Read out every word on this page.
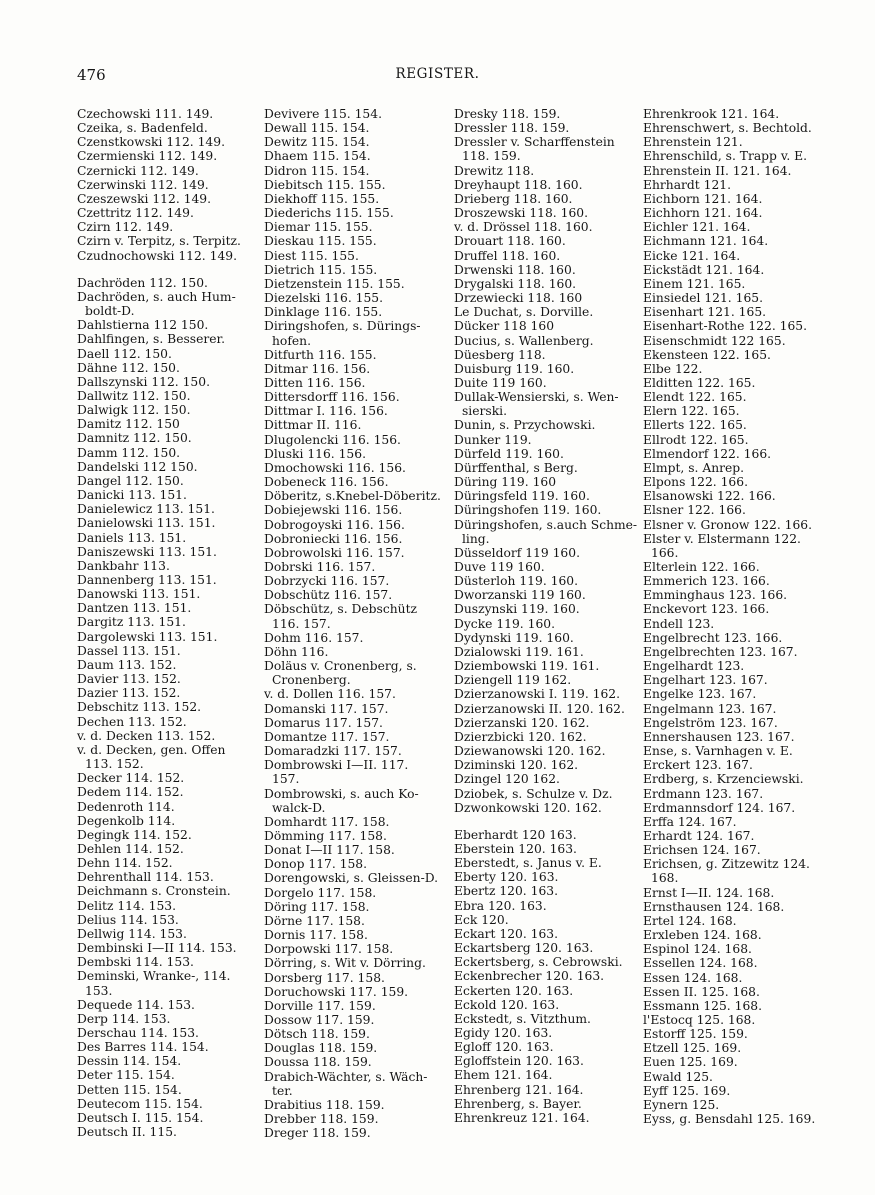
476	REGISTER.
Czechowski 111. 149.
Czeika, s. Badenfeld.
Czenstkowski 112. 149.
Czermienski 112. 149.
Czernicki 112. 149.
Czerwinski 112. 149.
Czeszewski 112. 149.
Czettritz 112. 149.
Czirn 112. 149.
Czirn v. Terpitz, s. Terpitz.
Czudnochowski 112. 149.
Dachröden 112. 150.
Dachröden, s. auch Hum-
boldt-D.
Dahlstierna 112 150.
Dahlfingen, s. Besserer.
Daell 112. 150.
Dähne 112. 150.
Dallszynski 112. 150.
Dallwitz 112. 150.
Dalwigk 112. 150.
Damitz 112. 150
Damnitz 112. 150.
Damm 112. 150.
Dandelski 112 150.
Dangel 112. 150.
Danicki 113. 151.
Danielewicz 113. 151.
Danielowski 113. 151.
Daniels 113. 151.
Daniszewski 113. 151.
Dankbahr 113.
Dannenberg 113. 151.
Danowski 113. 151.
Dantzen 113. 151.
Dargitz 113. 151.
Dargolewski 113. 151.
Dassel 113. 151.
Daum 113. 152.
Davier 113. 152.
Dazier 113. 152.
Debschitz 113. 152.
Dechen 113. 152.
v. d. Decken 113. 152.
v. d. Decken, gen. Offen
113. 152.
Decker 114. 152.
Dedem 114. 152.
Dedenroth 114.
Degenkolb 114.
Degingk 114. 152.
Dehlen 114. 152.
Dehn 114. 152.
Dehrenthall 114. 153.
Deichmann s. Cronstein.
Delitz 114. 153.
Delius 114. 153.
Dellwig 114. 153.
Dembinski I—II 114. 153.
Dembski 114. 153.
Deminski, Wranke-, 114.
153.
Dequede 114. 153.
Derp 114. 153.
Derschau 114. 153.
Des Barres 114. 154.
Dessin 114. 154.
Deter 115. 154.
Detten 115. 154.
Deutecom 115. 154.
Deutsch I. 115. 154.
Deutsch II. 115.
Devivere 115. 154.
Dewall 115. 154.
Dewitz 115. 154.
Dhaem 115. 154.
Didron 115. 154.
Diebitsch 115. 155.
Diekhoff 115. 155.
Diederichs 115. 155.
Diemar 115. 155.
Dieskau 115. 155.
Diest 115. 155.
Dietrich 115. 155.
Dietzenstein 115. 155.
Diezelski 116. 155.
Dinklage 116. 155.
Diringshofen, s. Dürings-
hofen.
Ditfurth 116. 155.
Ditmar 116. 156.
Ditten 116. 156.
Dittersdorff 116. 156.
Dittmar I. 116. 156.
Dittmar II. 116.
Dlugolencki 116. 156.
Dluski 116. 156.
Dmochowski 116. 156.
Dobeneck 116. 156.
Döberitz, s.Knebel-Döberitz.
Dobiejewski 116. 156.
Dobrogoyski 116. 156.
Dobroniecki 116. 156.
Dobrowolski 116. 157.
Dobrski 116. 157.
Dobrzycki 116. 157.
Dobschütz 116. 157.
Döbschütz, s. Debschütz
116. 157.
Dohm 116. 157.
Döhn 116.
Doläus v. Cronenberg, s.
Cronenberg.
v. d. Dollen 116. 157.
Domanski 117. 157.
Domarus 117. 157.
Domantze 117. 157.
Domaradzki 117. 157.
Dombrowski I—II. 117.
157.
Dombrowski, s. auch Ko-
walck-D.
Domhardt 117. 158.
Dömming 117. 158.
Donat I—II 117. 158.
Donop 117. 158.
Dorengowski, s. Gleissen-D.
Dorgelo 117. 158.
Döring 117. 158.
Dörne 117. 158.
Dornis 117. 158.
Dorpowski 117. 158.
Dörring, s. Wit v. Dörring.
Dorsberg 117. 158.
Doruchowski 117. 159.
Dorville 117. 159.
Dossow 117. 159.
Dötsch 118. 159.
Douglas 118. 159.
Doussa 118. 159.
Drabich-Wächter, s. Wäch-
ter.
Drabitius 118. 159.
Drebber 118. 159.
Dreger 118. 159.
Dresky 118. 159.
Dressler 118. 159.
Dressler v. Scharffenstein
118. 159.
Drewitz 118.
Dreyhaupt 118. 160.
Drieberg 118. 160.
Droszewski 118. 160.
v. d. Drössel 118. 160.
Drouart 118. 160.
Druffel 118. 160.
Drwenski 118. 160.
Drygalski 118. 160.
Drzewiecki 118. 160
Le Duchat, s. Dorville.
Dücker 118 160
Ducius, s. Wallenberg.
Düesberg 118.
Duisburg 119. 160.
Duite 119 160.
Dullak-Wensierski, s. Wen-
sierski.
Dunin, s. Przychowski.
Dunker 119.
Dürfeld 119. 160.
Dürffenthal, s Berg.
Düring 119. 160
Düringsfeld 119. 160.
Düringshofen 119. 160.
Düringshofen, s.auch Schme-
ling.
Düsseldorf 119 160.
Duve 119 160.
Düsterloh 119. 160.
Dworzanski 119 160.
Duszynski 119. 160.
Dycke 119. 160.
Dydynski 119. 160.
Dzialowski 119. 161.
Dziembowski 119. 161.
Dziengell 119 162.
Dzierzanowski I. 119. 162.
Dzierzanowski II. 120. 162.
Dzierzanski 120. 162.
Dzierzbicki 120. 162.
Dziewanowski 120. 162.
Dziminski 120. 162.
Dzingel 120 162.
Dziobek, s. Schulze v. Dz.
Dzwonkowski 120. 162.
Eberhardt 120 163.
Eberstein 120. 163.
Eberstedt, s. Janus v. E.
Eberty 120. 163.
Ebertz 120. 163.
Ebra 120. 163.
Eck 120.
Eckart 120. 163.
Eckartsberg 120. 163.
Eckertsberg, s. Cebrowski.
Eckenbrecher 120. 163.
Eckerten 120. 163.
Eckold 120. 163.
Eckstedt, s. Vitzthum.
Egidy 120. 163.
Egloff 120. 163.
Egloffstein 120. 163.
Ehem 121. 164.
Ehrenberg 121. 164.
Ehrenberg, s. Bayer.
Ehrenkreuz 121. 164.
Ehrenkrook 121. 164.
Ehrenschwert, s. Bechtold.
Ehrenstein 121.
Ehrenschild, s. Trapp v. E.
Ehrenstein II. 121. 164.
Ehrhardt 121.
Eichborn 121. 164.
Eichhorn 121. 164.
Eichler 121. 164.
Eichmann 121. 164.
Eicke 121. 164.
Eickstädt 121. 164.
Einem 121. 165.
Einsiedel 121. 165.
Eisenhart 121. 165.
Eisenhart-Rothe 122. 165.
Eisenschmidt 122 165.
Ekensteen 122. 165.
Elbe 122.
Elditten 122. 165.
Elendt 122. 165.
Elern 122. 165.
Ellerts 122. 165.
Ellrodt 122. 165.
Elmendorf 122. 166.
Elmpt, s. Anrep.
Elpons 122. 166.
Elsanowski 122. 166.
Elsner 122. 166.
Elsner v. Gronow 122. 166.
Elster v. Elstermann 122.
166.
Elterlein 122. 166.
Emmerich 123. 166.
Emminghaus 123. 166.
Enckevort 123. 166.
Endell 123.
Engelbrecht 123. 166.
Engelbrechten 123. 167.
Engelhardt 123.
Engelhart 123. 167.
Engelke 123. 167.
Engelmann 123. 167.
Engelström 123. 167.
Ennershausen 123. 167.
Ense, s. Varnhagen v. E.
Erckert 123. 167.
Erdberg, s. Krzenciewski.
Erdmann 123. 167.
Erdmannsdorf 124. 167.
Erffa 124. 167.
Erhardt 124. 167.
Erichsen 124. 167.
Erichsen, g. Zitzewitz 124.
168.
Ernst I—II. 124. 168.
Ernsthausen 124. 168.
Ertel 124. 168.
Erxleben 124. 168.
Espinol 124. 168.
Essellen 124. 168.
Essen 124. 168.
Essen II. 125. 168.
Essmann 125. 168.
l'Estocq 125. 168.
Estorff 125. 159.
Etzell 125. 169.
Euen 125. 169.
Ewald 125.
Eyff 125. 169.
Eynern 125.
Eyss, g. Bensdahl 125. 169.
